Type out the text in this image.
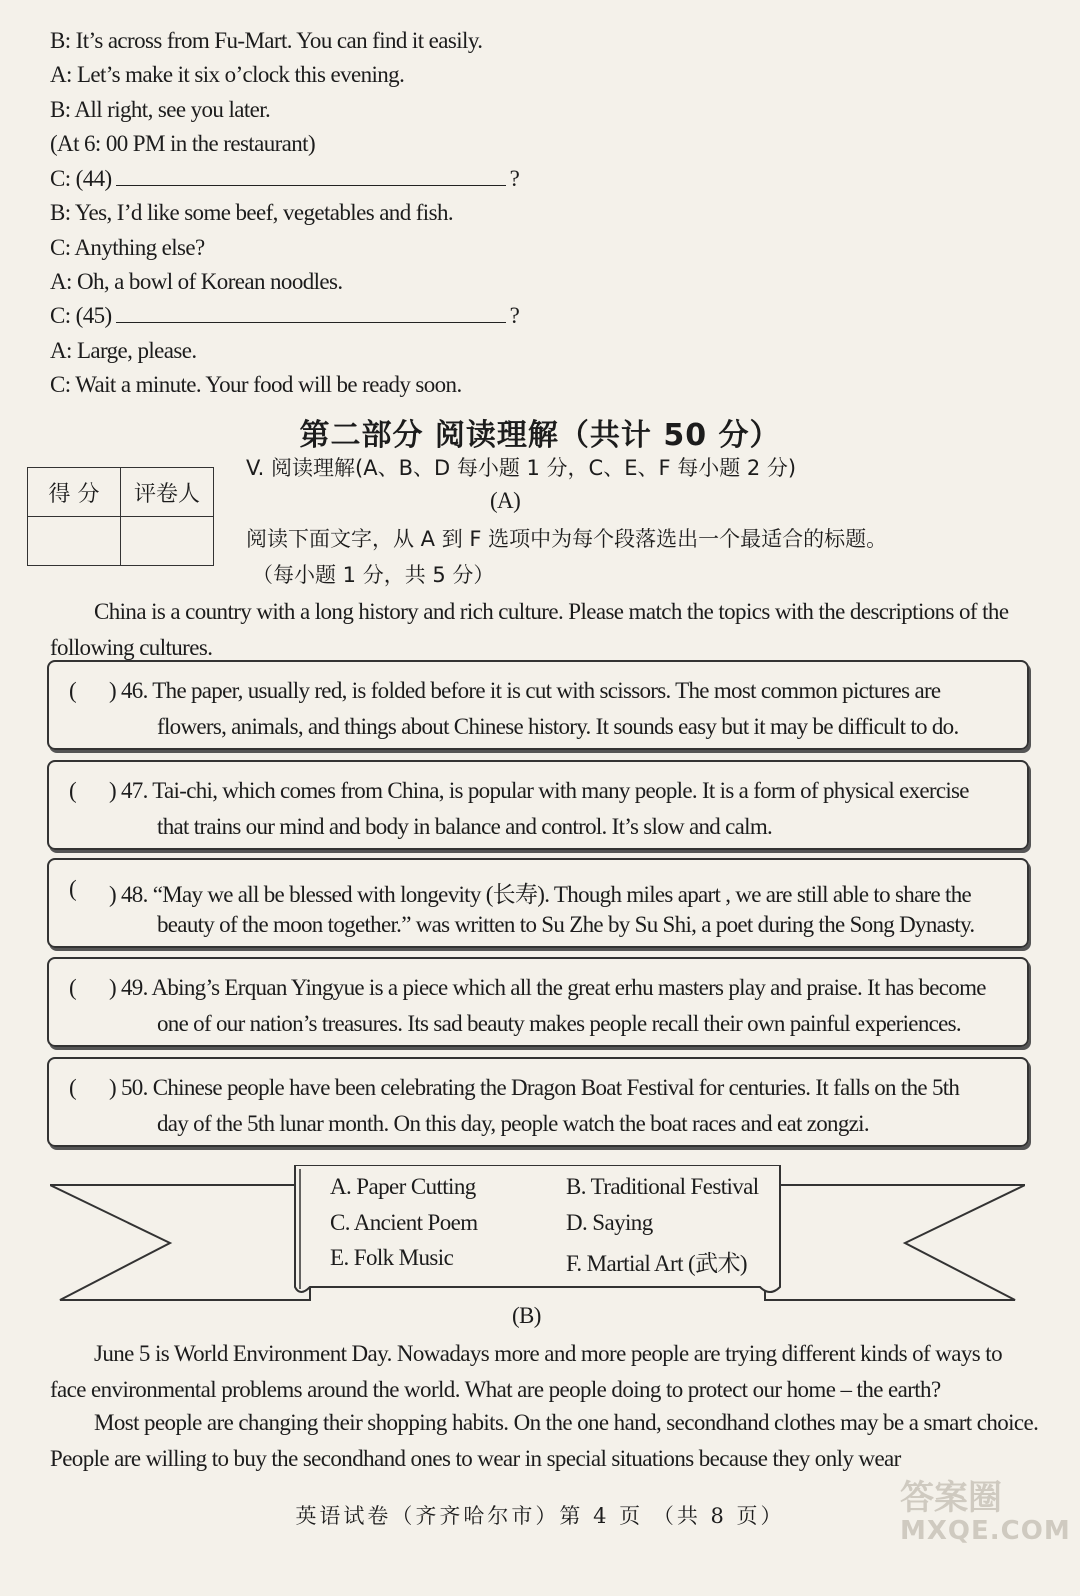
B: It’s across from Fu-Mart. You can find it easily.
A: Let’s make it six o’clock this evening.
B: All right, see you later.
(At 6: 00 PM in the restaurant)
C: (44)	?
B: Yes, I’d like some beef, vegetables and fish.
C: Anything else?
A: Oh, a bowl of Korean noodles.
C: (45)	?
A: Large, please.
C: Wait a minute. Your food will be ready soon.
第二部分 阅读理解（共计 50 分）
得 分	评卷人

V. 阅读理解(A、B、D 每小题 1 分，C、E、F 每小题 2 分)
(A)
阅读下面文字，从 A 到 F 选项中为每个段落选出一个最适合的标题。
（每小题 1 分，共 5 分）
China is a country with a long history and rich culture. Please match the topics with the descriptions of the following cultures.
( ) 46. The paper, usually red, is folded before it is cut with scissors. The most common pictures are
flowers, animals, and things about Chinese history. It sounds easy but it may be difficult to do.
( ) 47. Tai-chi, which comes from China, is popular with many people. It is a form of physical exercise
that trains our mind and body in balance and control. It’s slow and calm.
( ) 48. “May we all be blessed with longevity (长寿). Though miles apart , we are still able to share the
beauty of the moon together.” was written to Su Zhe by Su Shi, a poet during the Song Dynasty.
( ) 49. Abing’s Erquan Yingyue is a piece which all the great erhu masters play and praise. It has become
one of our nation’s treasures. Its sad beauty makes people recall their own painful experiences.
( ) 50. Chinese people have been celebrating the Dragon Boat Festival for centuries. It falls on the 5th
day of the 5th lunar month. On this day, people watch the boat races and eat zongzi.
A. Paper Cutting	B. Traditional Festival
C. Ancient Poem	D. Saying
E. Folk Music	F. Martial Art (武术)
(B)
June 5 is World Environment Day. Nowadays more and more people are trying different kinds of ways to face environmental problems around the world. What are people doing to protect our home – the earth?
Most people are changing their shopping habits. On the one hand, secondhand clothes may be a smart choice. People are willing to buy the secondhand ones to wear in special situations because they only wear
英语试卷（齐齐哈尔市）第 4 页 （共 8 页）	答案圈
MXQE.COM
